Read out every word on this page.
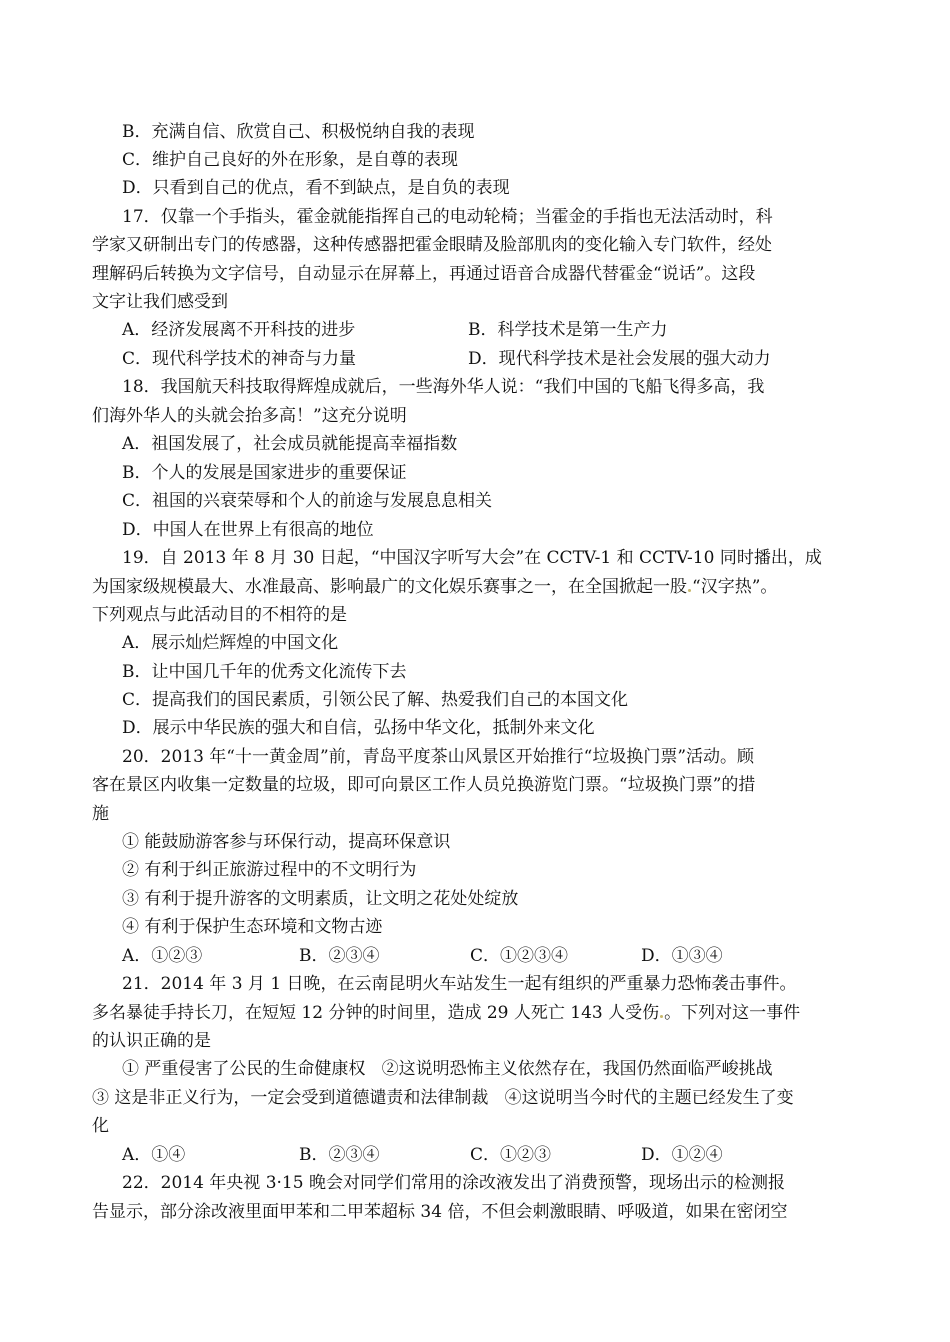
B．充满自信、欣赏自己、积极悦纳自我的表现
C．维护自己良好的外在形象，是自尊的表现
D．只看到自己的优点，看不到缺点，是自负的表现
17．仅靠一个手指头，霍金就能指挥自己的电动轮椅；当霍金的手指也无法活动时，科
学家又研制出专门的传感器，这种传感器把霍金眼睛及脸部肌肉的变化输入专门软件，经处
理解码后转换为文字信号，自动显示在屏幕上，再通过语音合成器代替霍金“说话”。这段
文字让我们感受到
A．经济发展离不开科技的进步	B．科学技术是第一生产力
C．现代科学技术的神奇与力量	D．现代科学技术是社会发展的强大动力
18．我国航天科技取得辉煌成就后，一些海外华人说：“我们中国的飞船飞得多高，我
们海外华人的头就会抬多高！”这充分说明
A．祖国发展了，社会成员就能提高幸福指数
B．个人的发展是国家进步的重要保证
C．祖国的兴衰荣辱和个人的前途与发展息息相关
D．中国人在世界上有很高的地位
19．自 2013 年 8 月 30 日起，“中国汉字听写大会”在 CCTV-1 和 CCTV-10 同时播出，成
为国家级规模最大、水准最高、影响最广的文化娱乐赛事之一，在全国掀起一股 “汉字热”。
下列观点与此活动目的不相符的是
A．展示灿烂辉煌的中国文化
B．让中国几千年的优秀文化流传下去
C．提高我们的国民素质，引领公民了解、热爱我们自己的本国文化
D．展示中华民族的强大和自信，弘扬中华文化，抵制外来文化
20．2013 年“十一黄金周”前，青岛平度茶山风景区开始推行“垃圾换门票”活动。顾
客在景区内收集一定数量的垃圾，即可向景区工作人员兑换游览门票。“垃圾换门票”的措
施
① 能鼓励游客参与环保行动，提高环保意识
② 有利于纠正旅游过程中的不文明行为
③ 有利于提升游客的文明素质，让文明之花处处绽放
④ 有利于保护生态环境和文物古迹
A．①②③	B．②③④	C．①②③④	D．①③④
21．2014 年 3 月 1 日晚，在云南昆明火车站发生一起有组织的严重暴力恐怖袭击事件。
多名暴徒手持长刀，在短短 12 分钟的时间里，造成 29 人死亡 143 人受伤 。下列对这一事件
的认识正确的是
① 严重侵害了公民的生命健康权   ②这说明恐怖主义依然存在，我国仍然面临严峻挑战
③ 这是非正义行为，一定会受到道德谴责和法律制裁   ④这说明当今时代的主题已经发生了变
化
A．①④	B．②③④	C．①②③	D．①②④
22．2014 年央视 3·15 晚会对同学们常用的涂改液发出了消费预警，现场出示的检测报
告显示，部分涂改液里面甲苯和二甲苯超标 34 倍，不但会刺激眼睛、呼吸道，如果在密闭空
